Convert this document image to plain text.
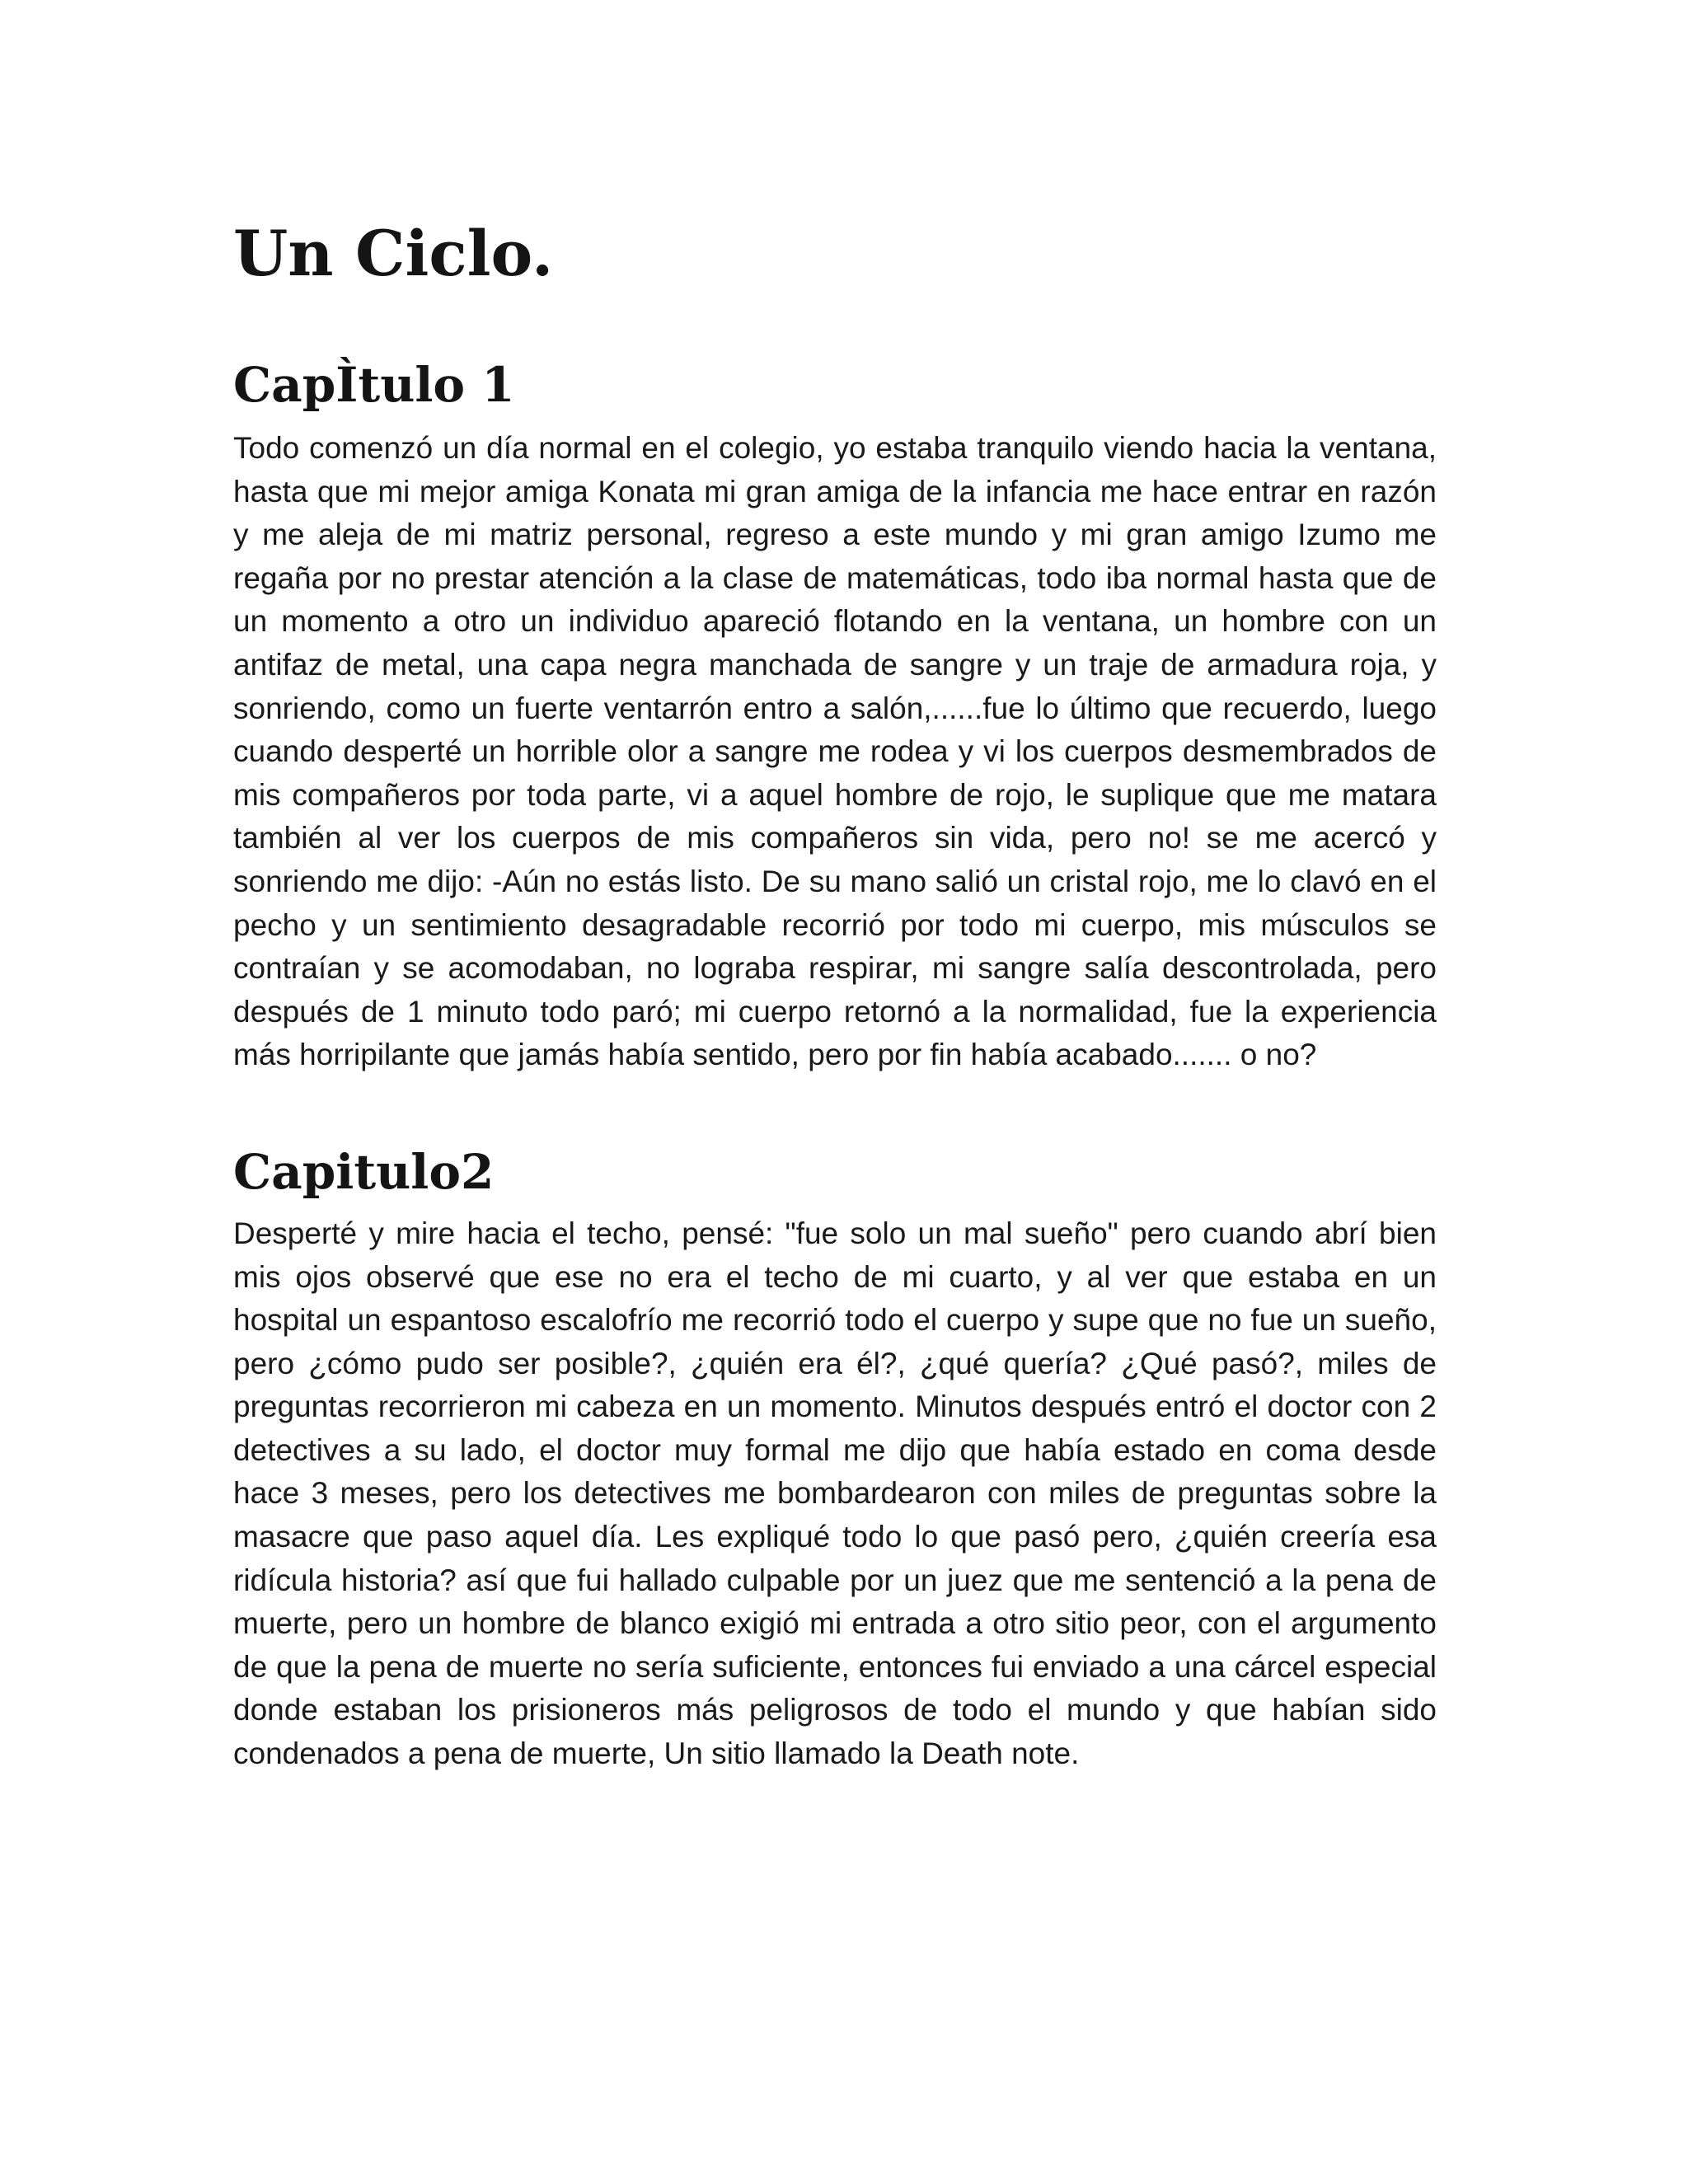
Un Ciclo.
CapÌtulo 1

Todo comenzó un día normal en el colegio, yo estaba tranquilo viendo hacia la ventana, hasta que mi mejor amiga Konata mi gran amiga de la infancia me hace entrar en razón y me aleja de mi matriz personal, regreso a este mundo y mi gran amigo Izumo me regaña por no prestar atención a la clase de matemáticas, todo iba normal hasta que de un momento a otro un individuo apareció flotando en la ventana, un hombre con un antifaz de metal, una capa negra manchada de sangre y un traje de armadura roja, y sonriendo, como un fuerte ventarrón entro a salón,......fue lo último que recuerdo, luego cuando desperté un horrible olor a sangre me rodea y vi los cuerpos desmembrados de mis compañeros por toda parte, vi a aquel hombre de rojo, le suplique que me matara también al ver los cuerpos de mis compañeros sin vida, pero no! se me acercó y sonriendo me dijo: -Aún no estás listo. De su mano salió un cristal rojo, me lo clavó en el pecho y un sentimiento desagradable recorrió por todo mi cuerpo, mis músculos se contraían y se acomodaban, no lograba respirar, mi sangre salía descontrolada, pero después de 1 minuto todo paró; mi cuerpo retornó a la normalidad, fue la experiencia más horripilante que jamás había sentido, pero por fin había acabado....... o no?

Capitulo2

Desperté y mire hacia el techo, pensé: "fue solo un mal sueño" pero cuando abrí bien mis ojos observé que ese no era el techo de mi cuarto, y al ver que estaba en un hospital un espantoso escalofrío me recorrió todo el cuerpo y supe que no fue un sueño, pero ¿cómo pudo ser posible?, ¿quién era él?, ¿qué quería? ¿Qué pasó?, miles de preguntas recorrieron mi cabeza en un momento. Minutos después entró el doctor con 2 detectives a su lado, el doctor muy formal me dijo que había estado en coma desde hace 3 meses, pero los detectives me bombardearon con miles de preguntas sobre la masacre que paso aquel día. Les expliqué todo lo que pasó pero, ¿quién creería esa ridícula historia? así que fui hallado culpable por un juez que me sentenció a la pena de muerte, pero un hombre de blanco exigió mi entrada a otro sitio peor, con el argumento de que la pena de muerte no sería suficiente, entonces fui enviado a una cárcel especial donde estaban los prisioneros más peligrosos de todo el mundo y que habían sido condenados a pena de muerte, Un sitio llamado la Death note.
